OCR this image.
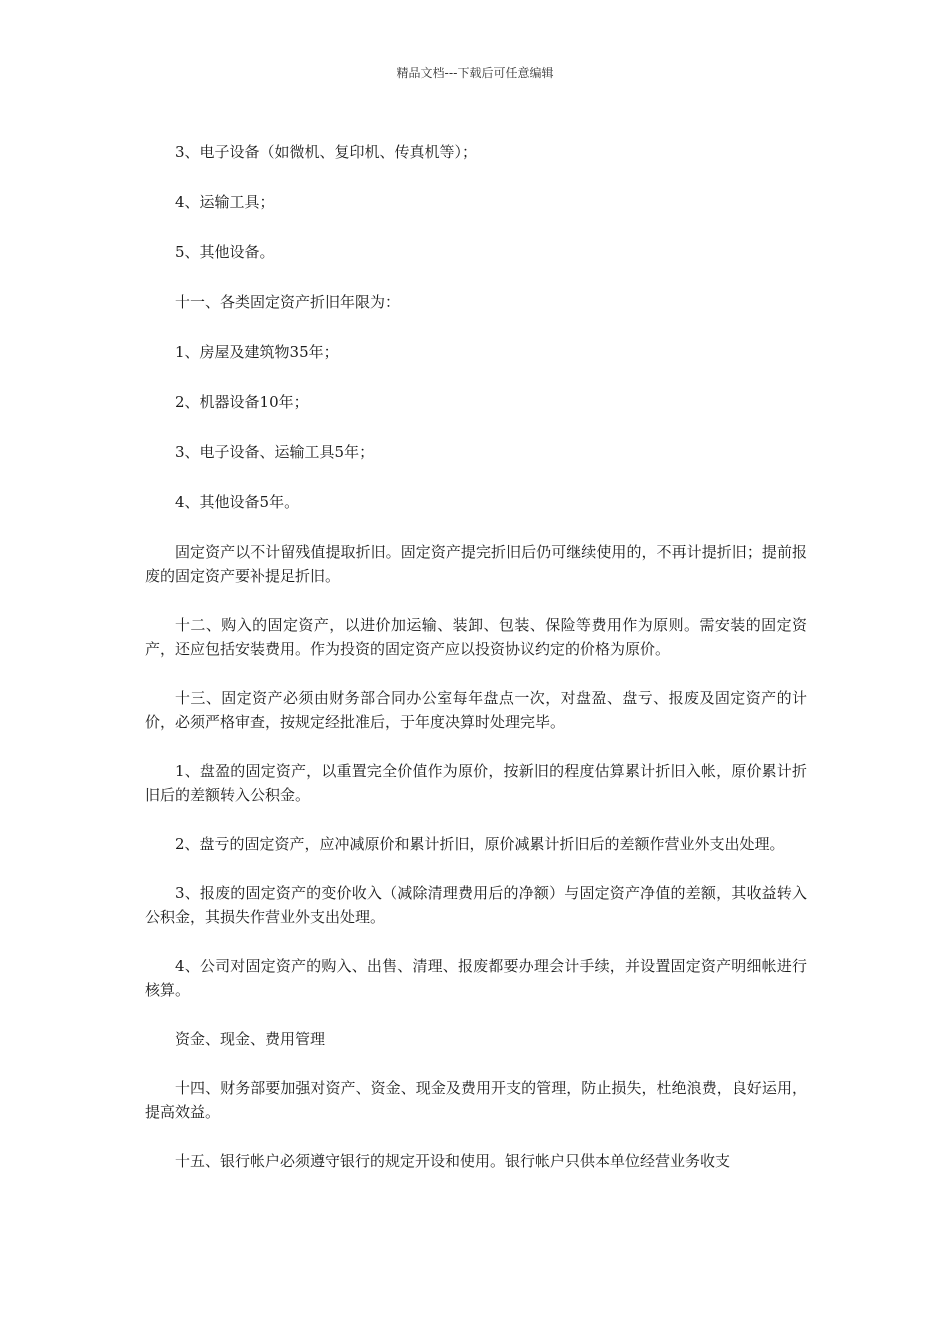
精品文档---下载后可任意编辑

3、电子设备（如微机、复印机、传真机等）；

4、运输工具；

5、其他设备。

十一、各类固定资产折旧年限为：

1、房屋及建筑物35年；

2、机器设备10年；

3、电子设备、运输工具5年；

4、其他设备5年。

固定资产以不计留残值提取折旧。固定资产提完折旧后仍可继续使用的，不再计提折旧；提前报废的固定资产要补提足折旧。

十二、购入的固定资产，以进价加运输、装卸、包装、保险等费用作为原则。需安装的固定资产，还应包括安装费用。作为投资的固定资产应以投资协议约定的价格为原价。

十三、固定资产必须由财务部合同办公室每年盘点一次，对盘盈、盘亏、报废及固定资产的计价，必须严格审查，按规定经批准后，于年度决算时处理完毕。

1、盘盈的固定资产，以重置完全价值作为原价，按新旧的程度估算累计折旧入帐，原价累计折旧后的差额转入公积金。

2、盘亏的固定资产，应冲减原价和累计折旧，原价减累计折旧后的差额作营业外支出处理。

3、报废的固定资产的变价收入（减除清理费用后的净额）与固定资产净值的差额，其收益转入公积金，其损失作营业外支出处理。

4、公司对固定资产的购入、出售、清理、报废都要办理会计手续，并设置固定资产明细帐进行核算。

资金、现金、费用管理

十四、财务部要加强对资产、资金、现金及费用开支的管理，防止损失，杜绝浪费，良好运用，提高效益。

十五、银行帐户必须遵守银行的规定开设和使用。银行帐户只供本单位经营业务收支
